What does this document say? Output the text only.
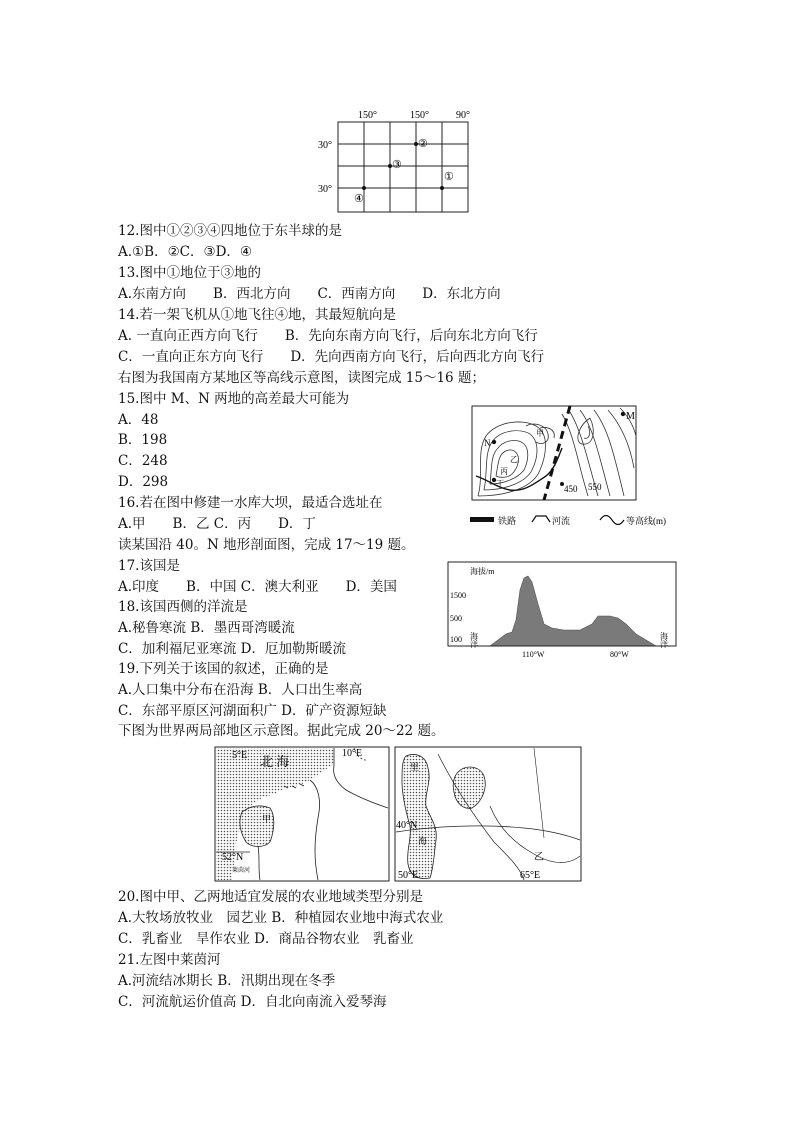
150°	150°	90°
30°
30°
②
③
①
④
12.图中①②③④四地位于东半球的是
A.①B．②C．③D．④
13.图中①地位于③地的
A.东南方向　　B．西北方向　　C．西南方向　　D．东北方向
14.若一架飞机从①地飞往④地，其最短航向是
A. 一直向正西方向飞行　　B．先向东南方向飞行，后向东北方向飞行
C．一直向正东方向飞行　　D．先向西南方向飞行，后向西北方向飞行
右图为我国南方某地区等高线示意图，读图完成 15～16 题；
15.图中 M、N 两地的高差最大可能为
A．48
B．198
C．248
D．298
16.若在图中修建一水库大坝，最适合选址在
A.甲　　B．乙 C．丙　　D．丁
读某国沿 40。N 地形剖面图，完成 17～19 题。
17.该国是
A.印度　　B．中国 C．澳大利亚　　D．美国
18.该国西侧的洋流是
A.秘鲁寒流 B．墨西哥湾暖流
C．加利福尼亚寒流 D．厄加勒斯暖流
19.下列关于该国的叙述，正确的是
A.人口集中分布在沿海 B．人口出生率高
C．东部平原区河湖面积广 D．矿产资源短缺
下图为世界两局部地区示意图。据此完成 20～22 题。
20.图中甲、乙两地适宜发展的农业地域类型分别是
A.大牧场放牧业　园艺业 B．种植园农业地中海式农业
C．乳畜业　旱作农业 D．商品谷物农业　乳畜业
21.左图中莱茵河
A.河流结冰期长 B．汛期出现在冬季
C．河流航运价值高 D．自北向南流入爱琴海
M
N
甲
乙
丙
丁
450 550
铁路	河流	等高线(m)
海拔/m
1500
500
100 海洋	海洋
110°W	80°W
5°E 北 海
10°E
甲
52°N
莱茵河
里
海
40°N
50°E
乙
65°E
